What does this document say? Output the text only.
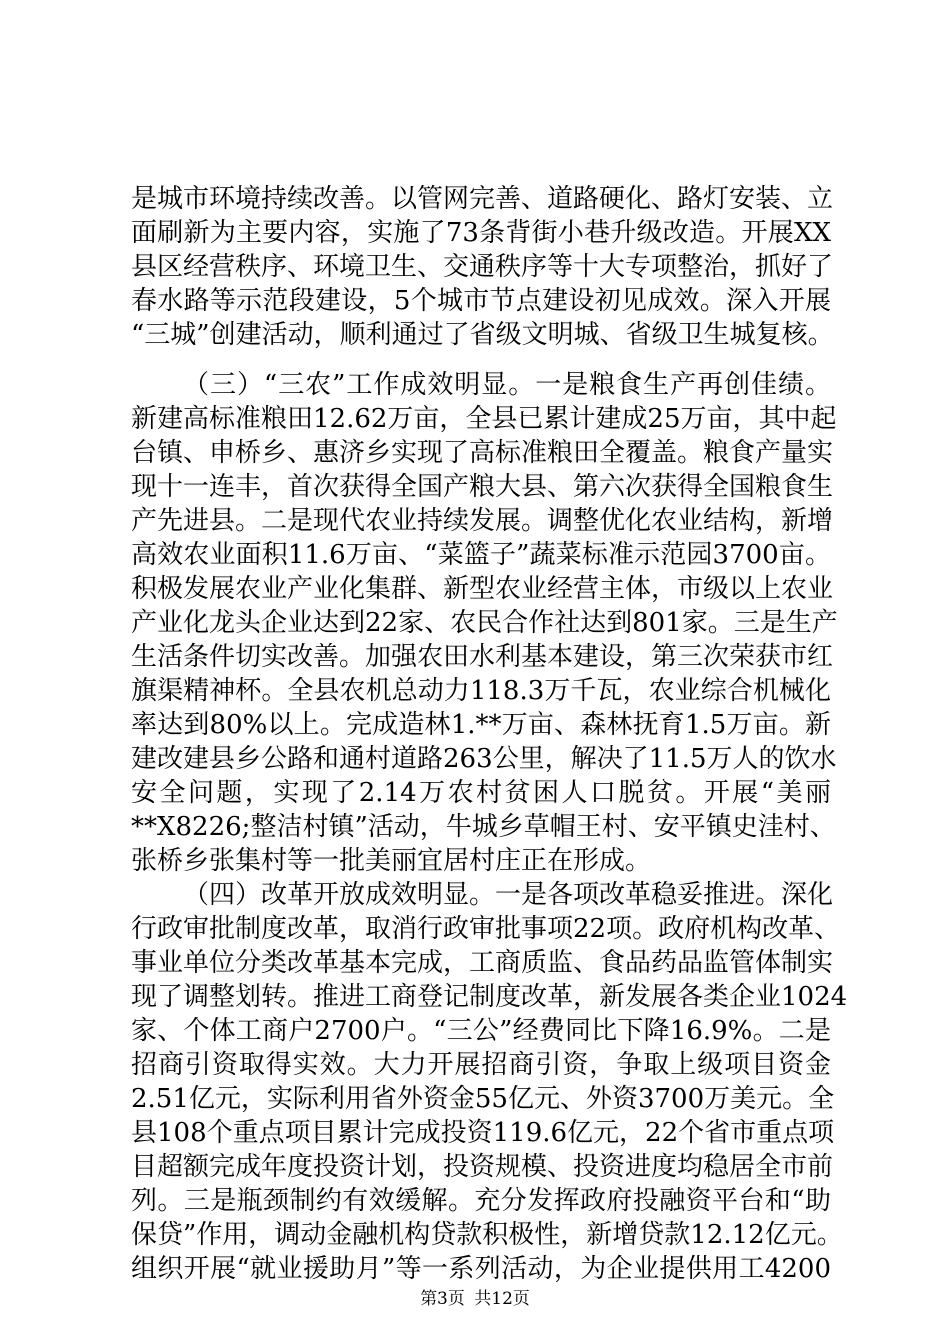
是城市环境持续改善。以管网完善、道路硬化、路灯安装、立
面刷新为主要内容，实施了73条背街小巷升级改造。开展XX
县区经营秩序、环境卫生、交通秩序等十大专项整治，抓好了
春水路等示范段建设，5个城市节点建设初见成效。深入开展
“三城”创建活动，顺利通过了省级文明城、省级卫生城复核。
（三）“三农”工作成效明显。一是粮食生产再创佳绩。
新建高标准粮田12.62万亩，全县已累计建成25万亩，其中起
台镇、申桥乡、惠济乡实现了高标准粮田全覆盖。粮食产量实
现十一连丰，首次获得全国产粮大县、第六次获得全国粮食生
产先进县。二是现代农业持续发展。调整优化农业结构，新增
高效农业面积11.6万亩、“菜篮子”蔬菜标准示范园3700亩。
积极发展农业产业化集群、新型农业经营主体，市级以上农业
产业化龙头企业达到22家、农民合作社达到801家。三是生产
生活条件切实改善。加强农田水利基本建设，第三次荣获市红
旗渠精神杯。全县农机总动力118.3万千瓦，农业综合机械化
率达到80%以上。完成造林1.**万亩、森林抚育1.5万亩。新
建改建县乡公路和通村道路263公里，解决了11.5万人的饮水
安全问题，实现了2.14万农村贫困人口脱贫。开展“美丽
**X8226;整洁村镇”活动，牛城乡草帽王村、安平镇史洼村、
张桥乡张集村等一批美丽宜居村庄正在形成。
（四）改革开放成效明显。一是各项改革稳妥推进。深化
行政审批制度改革，取消行政审批事项22项。政府机构改革、
事业单位分类改革基本完成，工商质监、食品药品监管体制实
现了调整划转。推进工商登记制度改革，新发展各类企业1024
家、个体工商户2700户。“三公”经费同比下降16.9%。二是
招商引资取得实效。大力开展招商引资，争取上级项目资金
2.51亿元，实际利用省外资金55亿元、外资3700万美元。全
县108个重点项目累计完成投资119.6亿元，22个省市重点项
目超额完成年度投资计划，投资规模、投资进度均稳居全市前
列。三是瓶颈制约有效缓解。充分发挥政府投融资平台和“助
保贷”作用，调动金融机构贷款积极性，新增贷款12.12亿元。
组织开展“就业援助月”等一系列活动，为企业提供用工4200
第3页 共12页
